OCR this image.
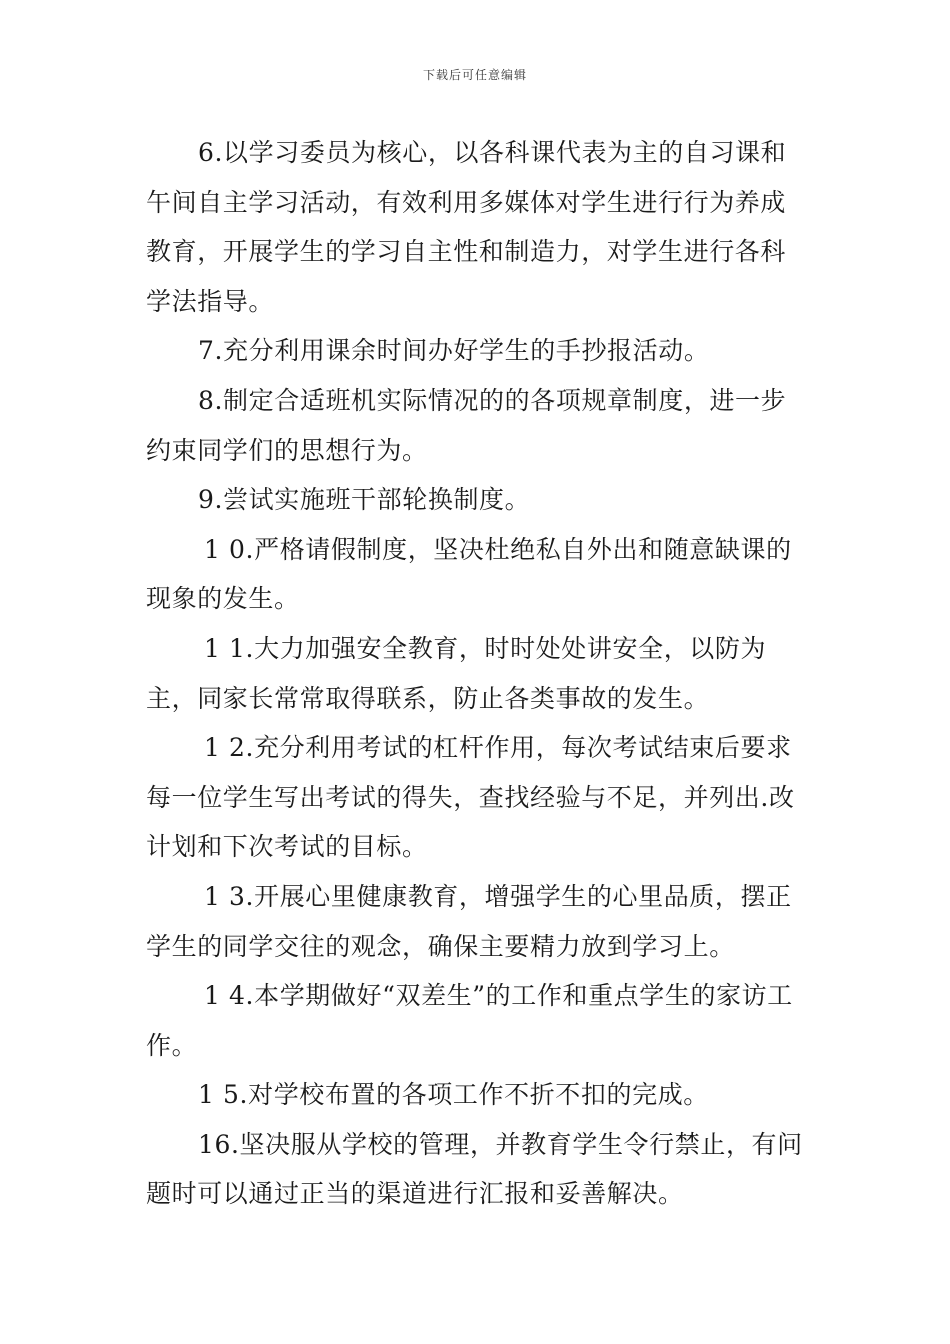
下载后可任意编辑

6.以学习委员为核心，以各科课代表为主的自习课和午间自主学习活动，有效利用多媒体对学生进行行为养成教育，开展学生的学习自主性和制造力，对学生进行各科学法指导。

7.充分利用课余时间办好学生的手抄报活动。

8.制定合适班机实际情况的的各项规章制度，进一步约束同学们的思想行为。

9.尝试实施班干部轮换制度。

1 0.严格请假制度，坚决杜绝私自外出和随意缺课的现象的发生。

1 1.大力加强安全教育，时时处处讲安全，以防为主，同家长常常取得联系，防止各类事故的发生。

1 2.充分利用考试的杠杆作用，每次考试结束后要求每一位学生写出考试的得失，查找经验与不足，并列出.改计划和下次考试的目标。

1 3.开展心里健康教育，增强学生的心里品质，摆正学生的同学交往的观念，确保主要精力放到学习上。

1 4.本学期做好“双差生”的工作和重点学生的家访工作。

1 5.对学校布置的各项工作不折不扣的完成。

16.坚决服从学校的管理，并教育学生令行禁止，有问题时可以通过正当的渠道进行汇报和妥善解决。
